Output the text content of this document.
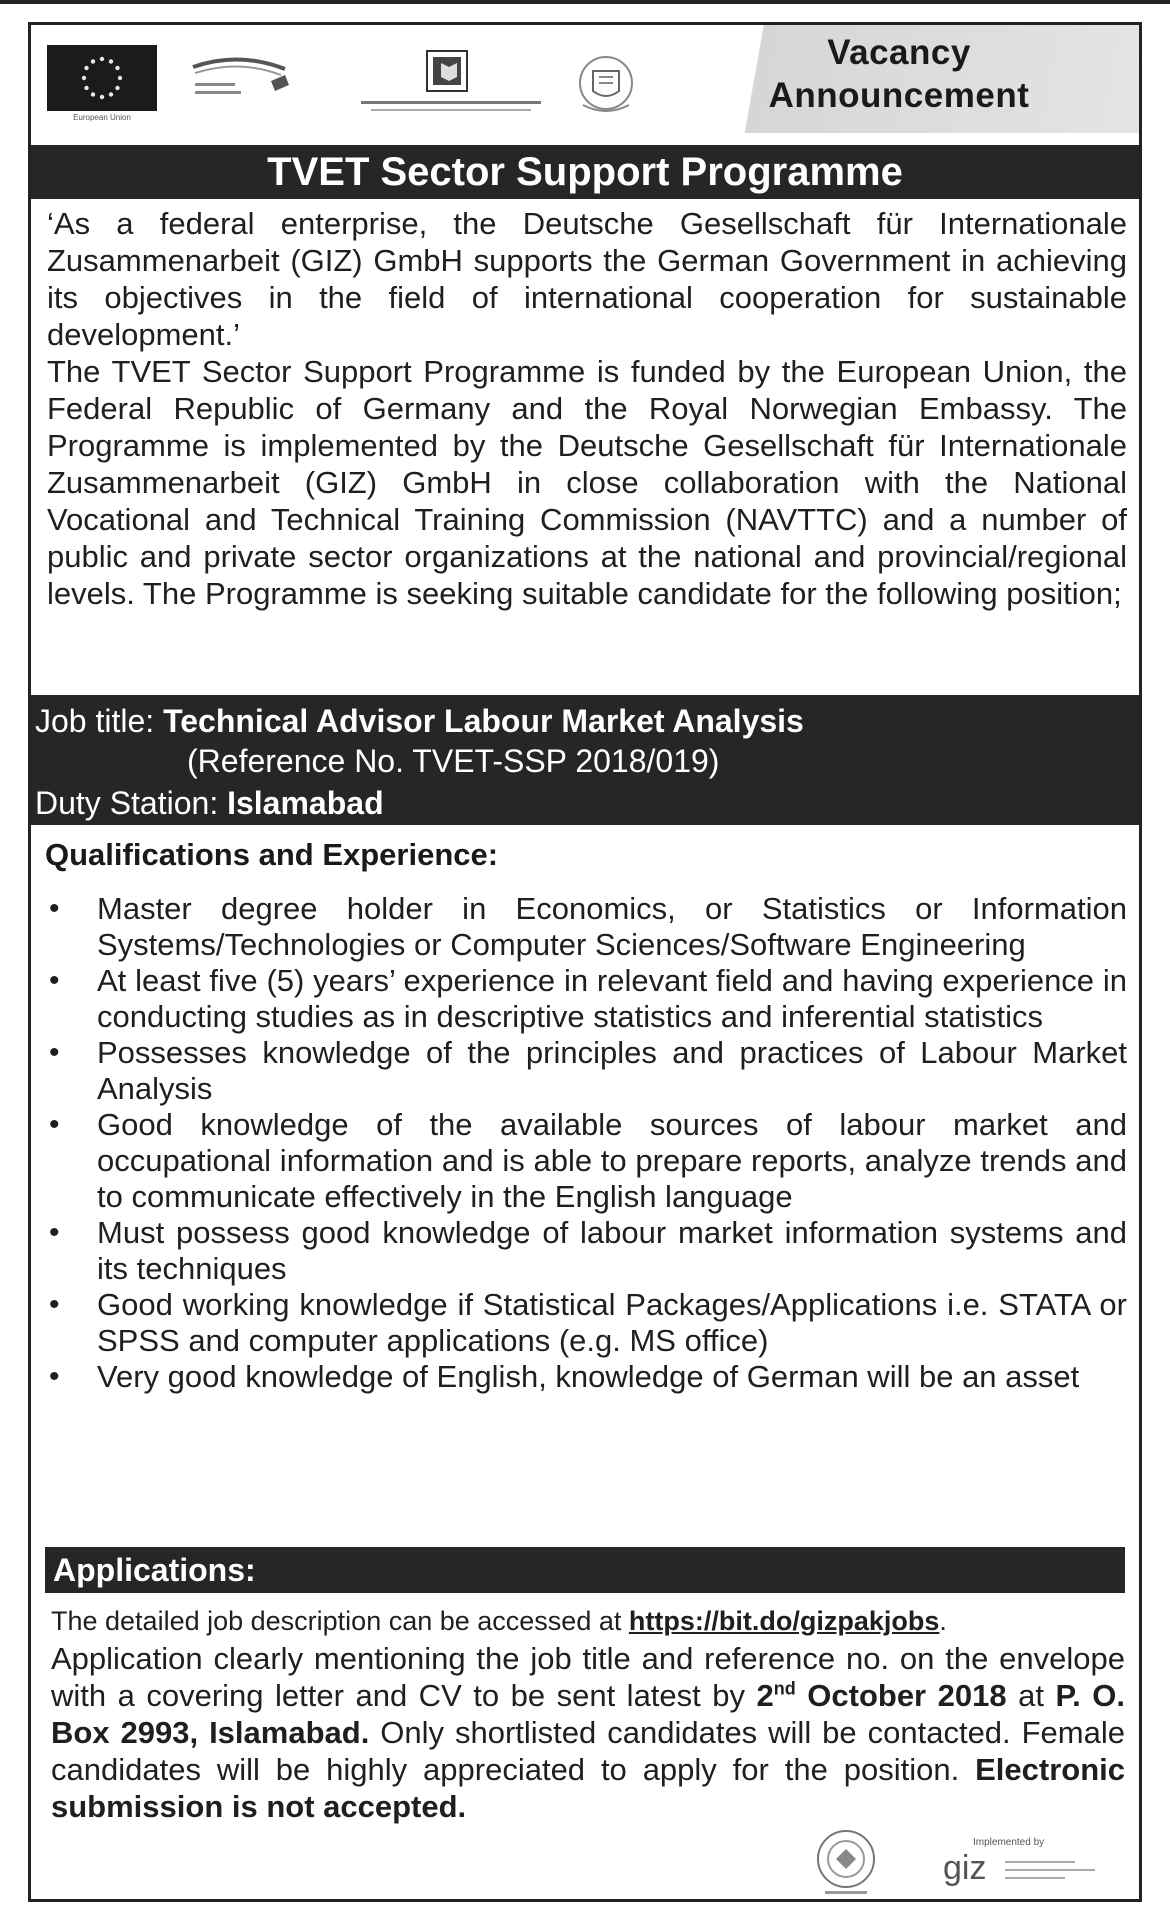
European Union
Vacancy
Announcement
TVET Sector Support Programme

‘As a federal enterprise, the Deutsche Gesellschaft für Internationale Zusammenarbeit (GIZ) GmbH supports the German Government in achieving its objectives in the field of international cooperation for sustainable development.’

The TVET Sector Support Programme is funded by the European Union, the Federal Republic of Germany and the Royal Norwegian Embassy. The Programme is implemented by the Deutsche Gesellschaft für Internationale Zusammenarbeit (GIZ) GmbH in close collaboration with the National Vocational and Technical Training Commission (NAVTTC) and a number of public and private sector organizations at the national and provincial/regional levels. The Programme is seeking suitable candidate for the following position;

Job title: Technical Advisor Labour Market Analysis
(Reference No. TVET-SSP 2018/019)
Duty Station: Islamabad
Qualifications and Experience:
• Master degree holder in Economics, or Statistics or Information Systems/Technologies or Computer Sciences/Software Engineering
• At least five (5) years’ experience in relevant field and having experience in conducting studies as in descriptive statistics and inferential statistics
• Possesses knowledge of the principles and practices of Labour Market Analysis
• Good knowledge of the available sources of labour market and occupational information and is able to prepare reports, analyze trends and to communicate effectively in the English language
• Must possess good knowledge of labour market information systems and its techniques
• Good working knowledge if Statistical Packages/Applications i.e. STATA or SPSS and computer applications (e.g. MS office)
• Very good knowledge of English, knowledge of German will be an asset
Applications:

The detailed job description can be accessed at https://bit.do/gizpakjobs.

Application clearly mentioning the job title and reference no. on the envelope with a covering letter and CV to be sent latest by 2nd October 2018 at P. O. Box 2993, Islamabad. Only shortlisted candidates will be contacted. Female candidates will be highly appreciated to apply for the position. Electronic submission is not accepted.

Implemented by
giz
